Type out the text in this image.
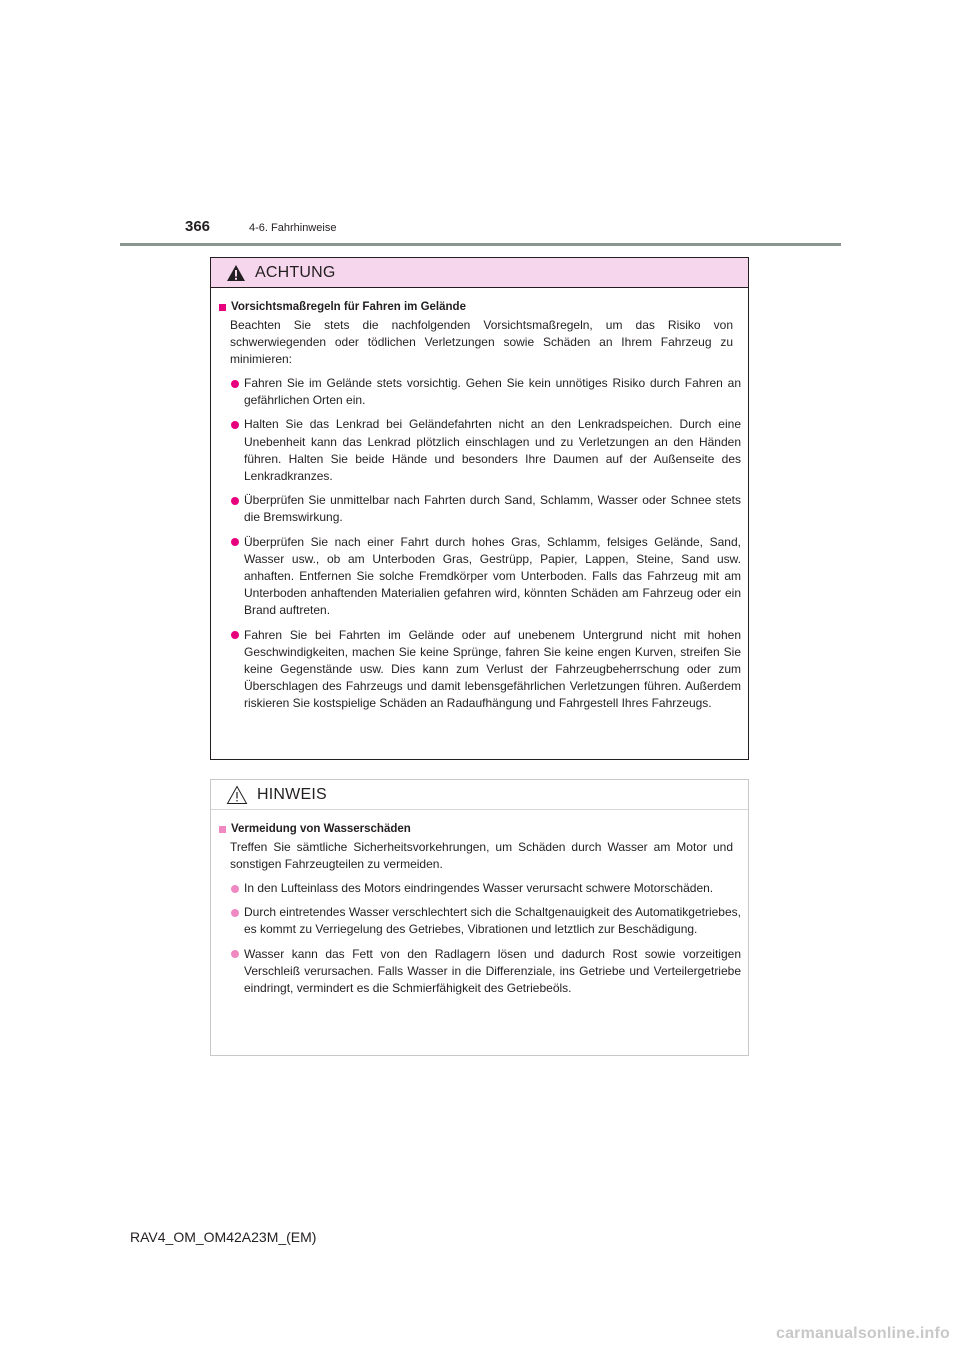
366	4-6. Fahrhinweise
ACHTUNG
Vorsichtsmaßregeln für Fahren im Gelände
Beachten Sie stets die nachfolgenden Vorsichtsmaßregeln, um das Risiko von schwerwiegenden oder tödlichen Verletzungen sowie Schäden an Ihrem Fahrzeug zu minimieren:
Fahren Sie im Gelände stets vorsichtig. Gehen Sie kein unnötiges Risiko durch Fahren an gefährlichen Orten ein.
Halten Sie das Lenkrad bei Geländefahrten nicht an den Lenkradspeichen. Durch eine Unebenheit kann das Lenkrad plötzlich einschlagen und zu Verletzungen an den Händen führen. Halten Sie beide Hände und besonders Ihre Daumen auf der Außenseite des Lenkradkranzes.
Überprüfen Sie unmittelbar nach Fahrten durch Sand, Schlamm, Wasser oder Schnee stets die Bremswirkung.
Überprüfen Sie nach einer Fahrt durch hohes Gras, Schlamm, felsiges Gelände, Sand, Wasser usw., ob am Unterboden Gras, Gestrüpp, Papier, Lappen, Steine, Sand usw. anhaften. Entfernen Sie solche Fremdkörper vom Unterboden. Falls das Fahrzeug mit am Unterboden anhaftenden Materialien gefahren wird, könnten Schäden am Fahrzeug oder ein Brand auftreten.
Fahren Sie bei Fahrten im Gelände oder auf unebenem Untergrund nicht mit hohen Geschwindigkeiten, machen Sie keine Sprünge, fahren Sie keine engen Kurven, streifen Sie keine Gegenstände usw. Dies kann zum Verlust der Fahrzeugbeherrschung oder zum Überschlagen des Fahrzeugs und damit lebensgefährlichen Verletzungen führen. Außerdem riskieren Sie kostspielige Schäden an Radaufhängung und Fahrgestell Ihres Fahrzeugs.
HINWEIS
Vermeidung von Wasserschäden
Treffen Sie sämtliche Sicherheitsvorkehrungen, um Schäden durch Wasser am Motor und sonstigen Fahrzeugteilen zu vermeiden.
In den Lufteinlass des Motors eindringendes Wasser verursacht schwere Motorschäden.
Durch eintretendes Wasser verschlechtert sich die Schaltgenauigkeit des Automatikgetriebes, es kommt zu Verriegelung des Getriebes, Vibrationen und letztlich zur Beschädigung.
Wasser kann das Fett von den Radlagern lösen und dadurch Rost sowie vorzeitigen Verschleiß verursachen. Falls Wasser in die Differenziale, ins Getriebe und Verteilergetriebe eindringt, vermindert es die Schmierfähigkeit des Getriebeöls.
RAV4_OM_OM42A23M_(EM)
carmanualsonline.info
